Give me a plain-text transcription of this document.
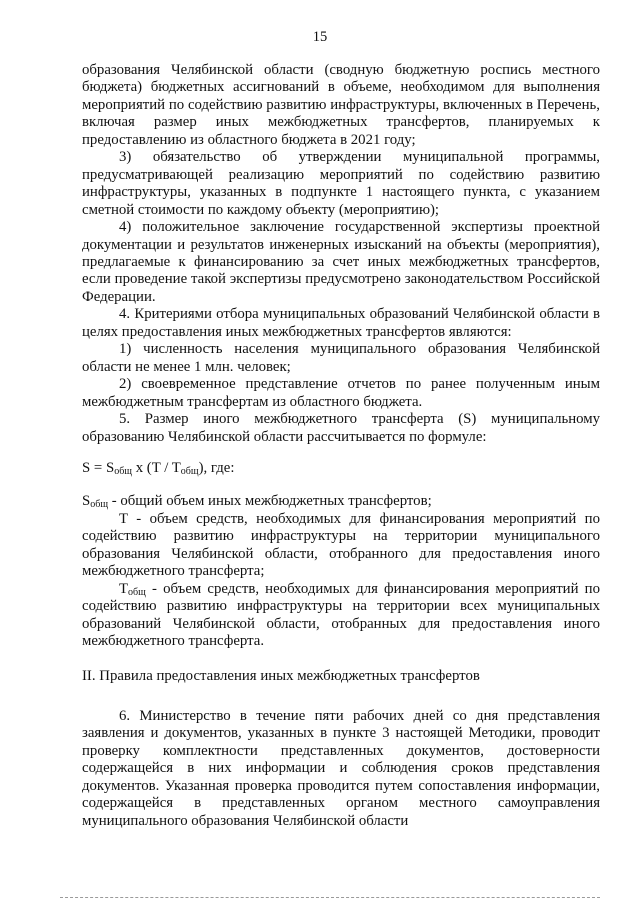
15

образования Челябинской области (сводную бюджетную роспись местного бюджета) бюджетных ассигнований в объеме, необходимом для выполнения мероприятий по содействию развитию инфраструктуры, включенных в Перечень, включая размер иных межбюджетных трансфертов, планируемых к предоставлению из областного бюджета в 2021 году;

3) обязательство об утверждении муниципальной программы, предусматривающей реализацию мероприятий по содействию развитию инфраструктуры, указанных в подпункте 1 настоящего пункта, с указанием сметной стоимости по каждому объекту (мероприятию);

4) положительное заключение государственной экспертизы проектной документации и результатов инженерных изысканий на объекты (мероприятия), предлагаемые к финансированию за счет иных межбюджетных трансфертов, если проведение такой экспертизы предусмотрено законодательством Российской Федерации.

4. Критериями отбора муниципальных образований Челябинской области в целях предоставления иных межбюджетных трансфертов являются:

1) численность населения муниципального образования Челябинской области не менее 1 млн. человек;

2) своевременное представление отчетов по ранее полученным иным межбюджетным трансфертам из областного бюджета.

5. Размер иного межбюджетного трансферта (S) муниципальному образованию Челябинской области рассчитывается по формуле:

$S = S_{общ}$ x $(T / T_{общ})$, где:

$S_{общ}$ - общий объем иных межбюджетных трансфертов;

T - объем средств, необходимых для финансирования мероприятий по содействию развитию инфраструктуры на территории муниципального образования Челябинской области, отобранного для предоставления иного межбюджетного трансферта;

$T_{общ}$ - объем средств, необходимых для финансирования мероприятий по содействию развитию инфраструктуры на территории всех муниципальных образований Челябинской области, отобранных для предоставления иного межбюджетного трансферта.

II. Правила предоставления иных межбюджетных трансфертов

6. Министерство в течение пяти рабочих дней со дня представления заявления и документов, указанных в пункте 3 настоящей Методики, проводит проверку комплектности представленных документов, достоверности содержащейся в них информации и соблюдения сроков представления документов. Указанная проверка проводится путем сопоставления информации, содержащейся в представленных органом местного самоуправления муниципального образования Челябинской области
